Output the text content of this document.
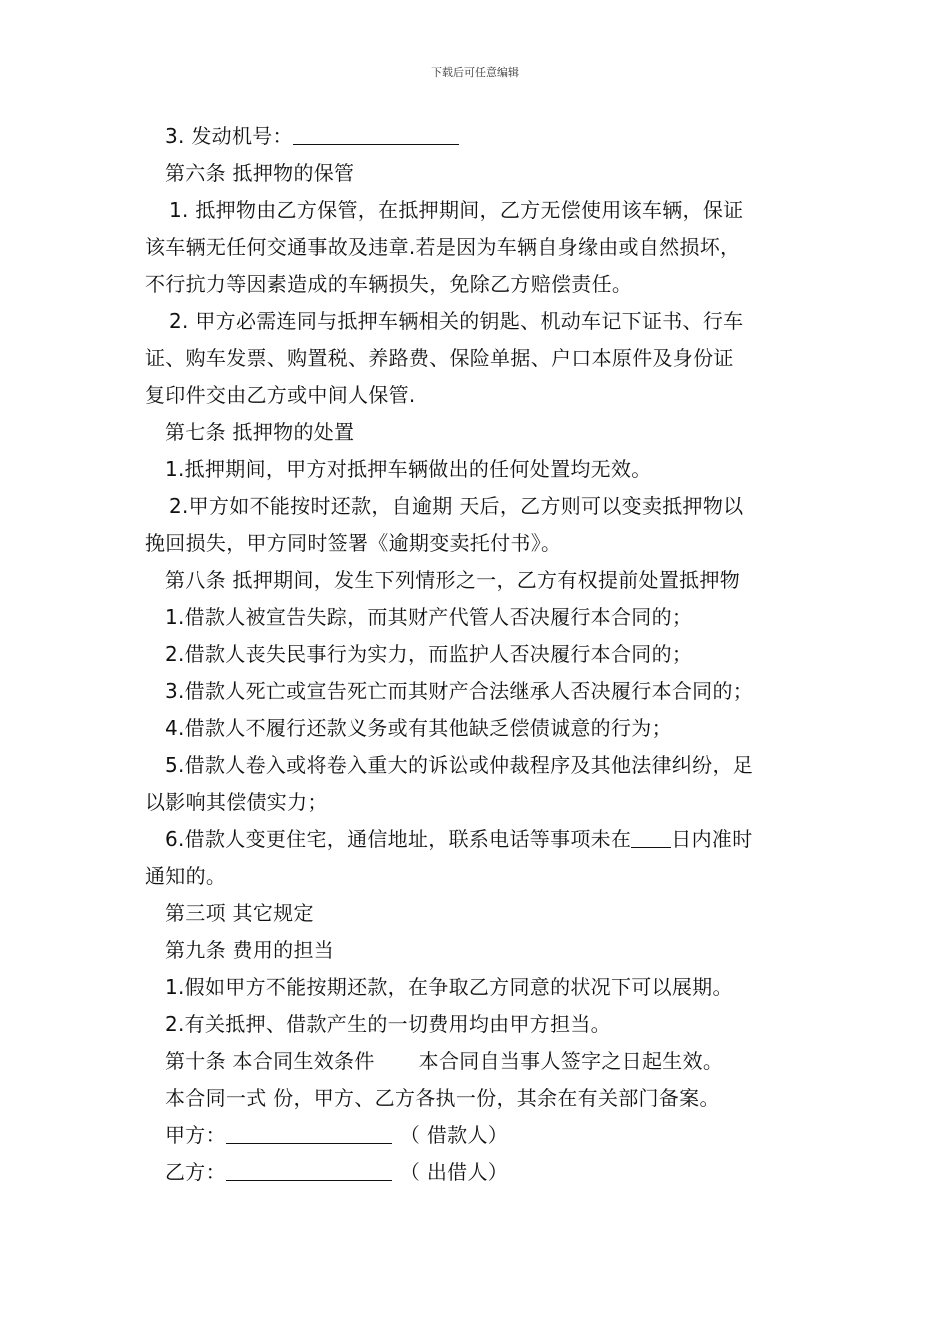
下载后可任意编辑
3. 发动机号：
第六条 抵押物的保管
1. 抵押物由乙方保管，在抵押期间，乙方无偿使用该车辆，保证
该车辆无任何交通事故及违章.若是因为车辆自身缘由或自然损坏，
不行抗力等因素造成的车辆损失，免除乙方赔偿责任。
2. 甲方必需连同与抵押车辆相关的钥匙、机动车记下证书、行车
证、购车发票、购置税、养路费、保险单据、户口本原件及身份证
复印件交由乙方或中间人保管.
第七条 抵押物的处置
1.抵押期间，甲方对抵押车辆做出的任何处置均无效。
2.甲方如不能按时还款，自逾期 天后，乙方则可以变卖抵押物以
挽回损失，甲方同时签署《逾期变卖托付书》。
第八条 抵押期间，发生下列情形之一，乙方有权提前处置抵押物
1.借款人被宣告失踪，而其财产代管人否决履行本合同的；
2.借款人丧失民事行为实力，而监护人否决履行本合同的；
3.借款人死亡或宣告死亡而其财产合法继承人否决履行本合同的；
4.借款人不履行还款义务或有其他缺乏偿债诚意的行为；
5.借款人卷入或将卷入重大的诉讼或仲裁程序及其他法律纠纷，足
以影响其偿债实力；
6.借款人变更住宅，通信地址，联系电话等事项未在 日内准时
通知的。
第三项 其它规定
第九条 费用的担当
1.假如甲方不能按期还款，在争取乙方同意的状况下可以展期。
2.有关抵押、借款产生的一切费用均由甲方担当。
第十条 本合同生效条件 本合同自当事人签字之日起生效。
本合同一式 份，甲方、乙方各执一份，其余在有关部门备案。
甲方：	（ 借款人）
乙方：	（ 出借人）
